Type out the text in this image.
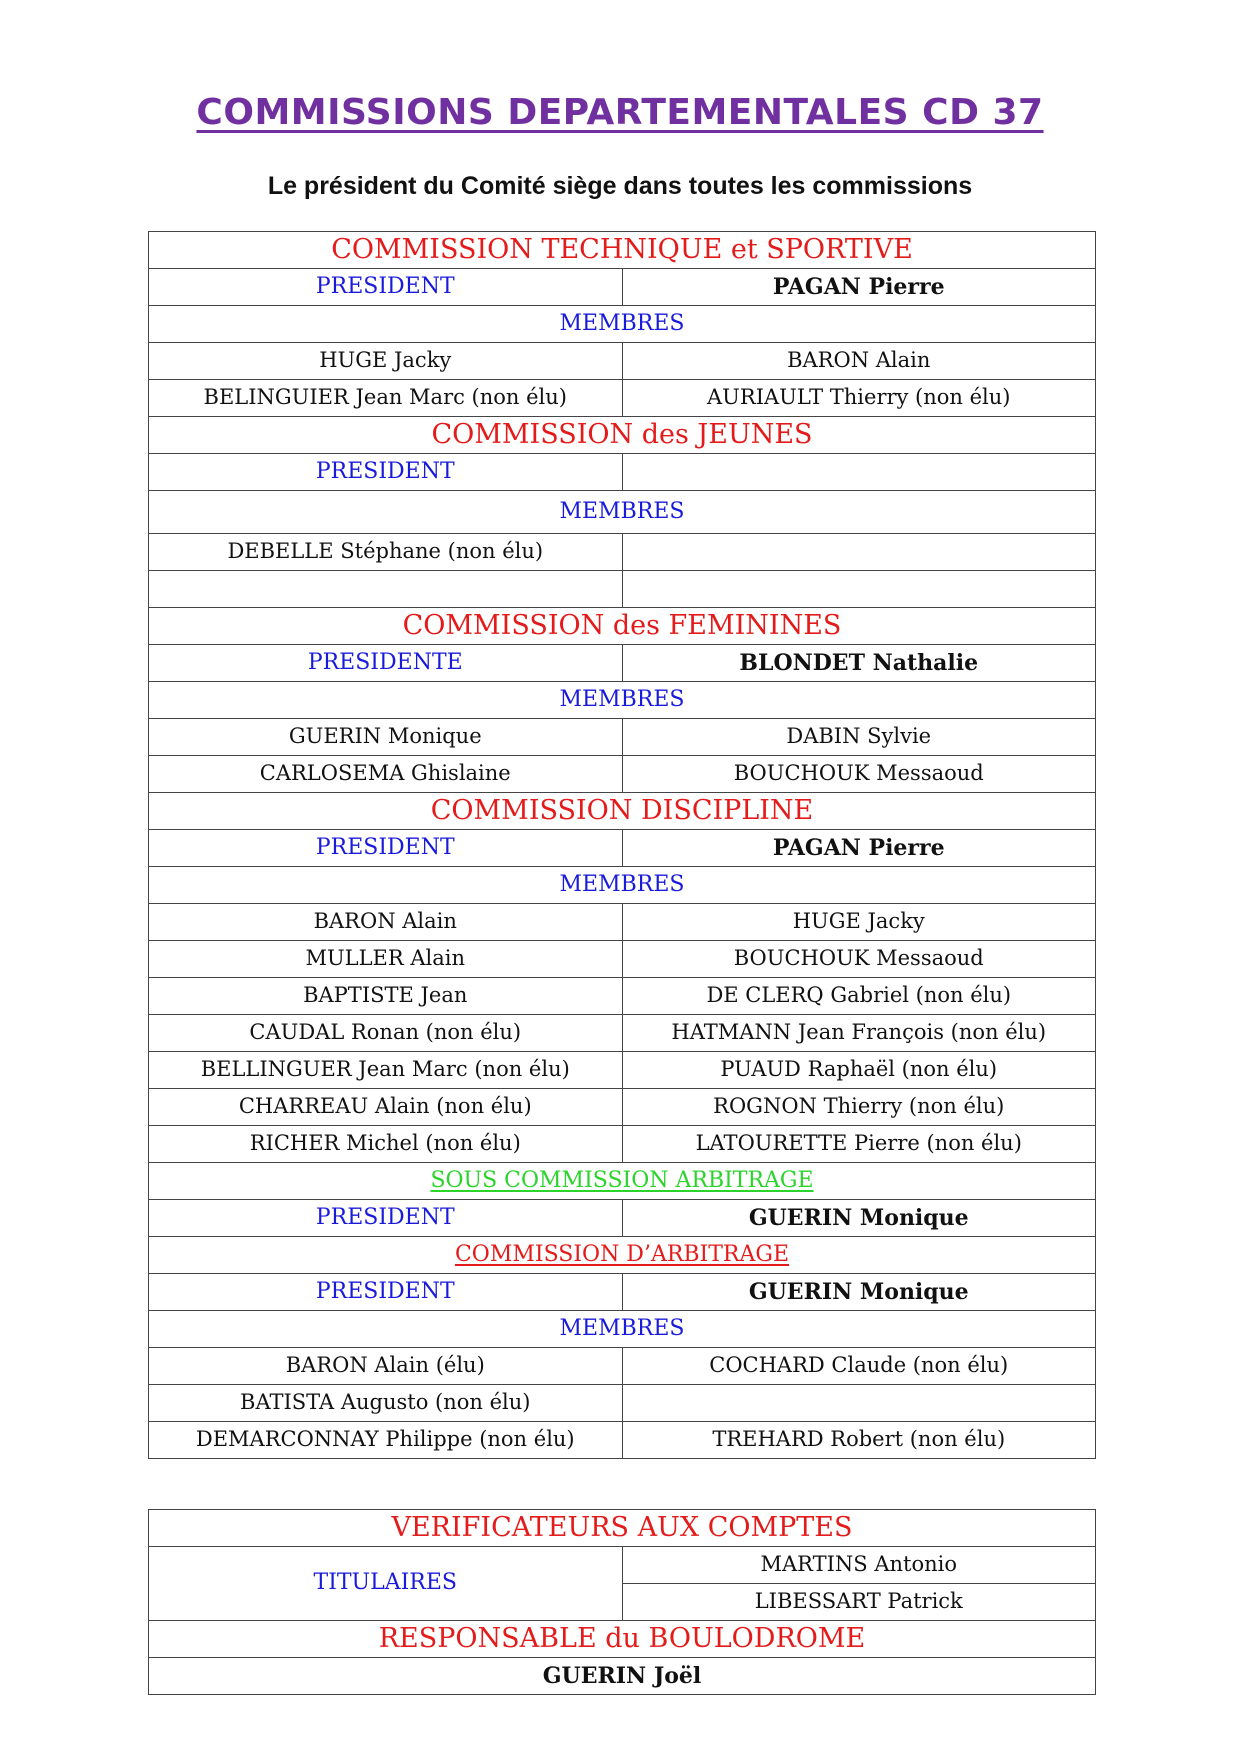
COMMISSIONS DEPARTEMENTALES CD 37
Le président du Comité siège dans toutes les commissions
COMMISSION TECHNIQUE et SPORTIVE	
PRESIDENT	PAGAN Pierre
MEMBRES	
HUGE Jacky	BARON Alain
BELINGUIER Jean Marc (non élu)	AURIAULT Thierry (non élu)
COMMISSION des JEUNES	
PRESIDENT	
MEMBRES	
DEBELLE Stéphane (non élu)	

COMMISSION des FEMININES	
PRESIDENTE	BLONDET Nathalie
MEMBRES	
GUERIN Monique	DABIN Sylvie
CARLOSEMA Ghislaine	BOUCHOUK Messaoud
COMMISSION DISCIPLINE	
PRESIDENT	PAGAN Pierre
MEMBRES	
BARON Alain	HUGE Jacky
MULLER Alain	BOUCHOUK Messaoud
BAPTISTE Jean	DE CLERQ Gabriel (non élu)
CAUDAL Ronan (non élu)	HATMANN Jean François (non élu)
BELLINGUER Jean Marc (non élu)	PUAUD Raphaël (non élu)
CHARREAU Alain (non élu)	ROGNON Thierry (non élu)
RICHER Michel (non élu)	LATOURETTE Pierre (non élu)
SOUS COMMISSION ARBITRAGE	
PRESIDENT	GUERIN Monique
COMMISSION D’ARBITRAGE	
PRESIDENT	GUERIN Monique
MEMBRES	
BARON Alain (élu)	COCHARD Claude (non élu)
BATISTA Augusto (non élu)	
DEMARCONNAY Philippe (non élu)	TREHARD Robert (non élu)
VERIFICATEURS AUX COMPTES
TITULAIRES	MARTINS Antonio
LIBESSART Patrick
RESPONSABLE du BOULODROME
GUERIN Joël
